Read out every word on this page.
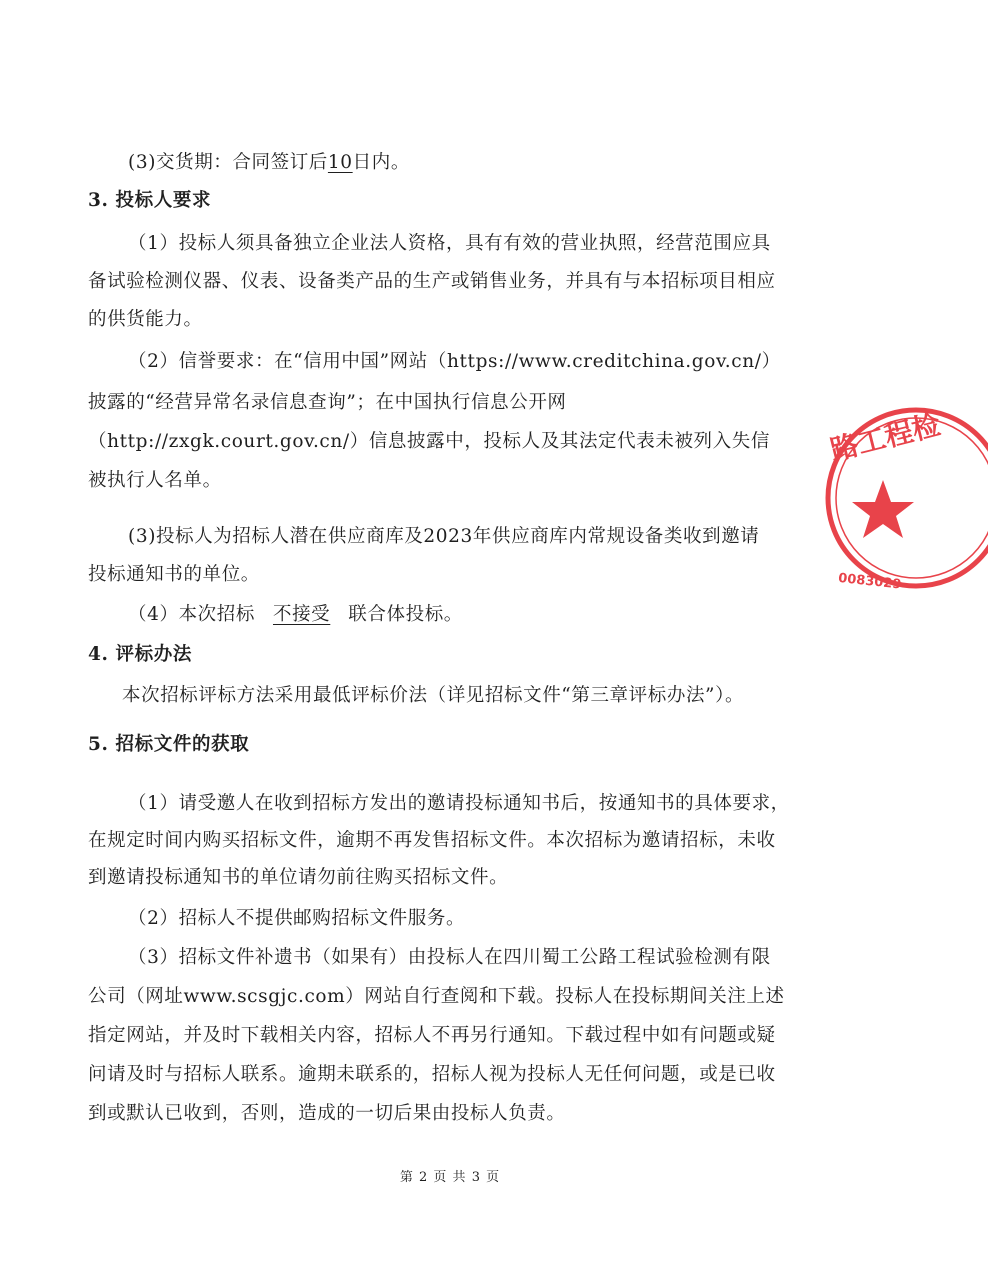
(3)交货期：合同签订后10日内。
3. 投标人要求
（1）投标人须具备独立企业法人资格，具有有效的营业执照，经营范围应具
备试验检测仪器、仪表、设备类产品的生产或销售业务，并具有与本招标项目相应
的供货能力。
（2）信誉要求：在“信用中国”网站（https://www.creditchina.gov.cn/）
披露的“经营异常名录信息查询”；在中国执行信息公开网
（http://zxgk.court.gov.cn/）信息披露中，投标人及其法定代表未被列入失信
被执行人名单。
(3)投标人为招标人潜在供应商库及2023年供应商库内常规设备类收到邀请
投标通知书的单位。
（4）本次招标 不接受 联合体投标。
4. 评标办法
本次招标评标方法采用最低评标价法（详见招标文件“第三章评标办法”）。
5. 招标文件的获取
（1）请受邀人在收到招标方发出的邀请投标通知书后，按通知书的具体要求，
在规定时间内购买招标文件，逾期不再发售招标文件。本次招标为邀请招标，未收
到邀请投标通知书的单位请勿前往购买招标文件。
（2）招标人不提供邮购招标文件服务。
（3）招标文件补遗书（如果有）由投标人在四川蜀工公路工程试验检测有限
公司（网址www.scsgjc.com）网站自行查阅和下载。投标人在投标期间关注上述
指定网站，并及时下载相关内容，招标人不再另行通知。下载过程中如有问题或疑
问请及时与招标人联系。逾期未联系的，招标人视为投标人无任何问题，或是已收
到或默认已收到，否则，造成的一切后果由投标人负责。
第 2 页 共 3 页
路工程检
0083029
